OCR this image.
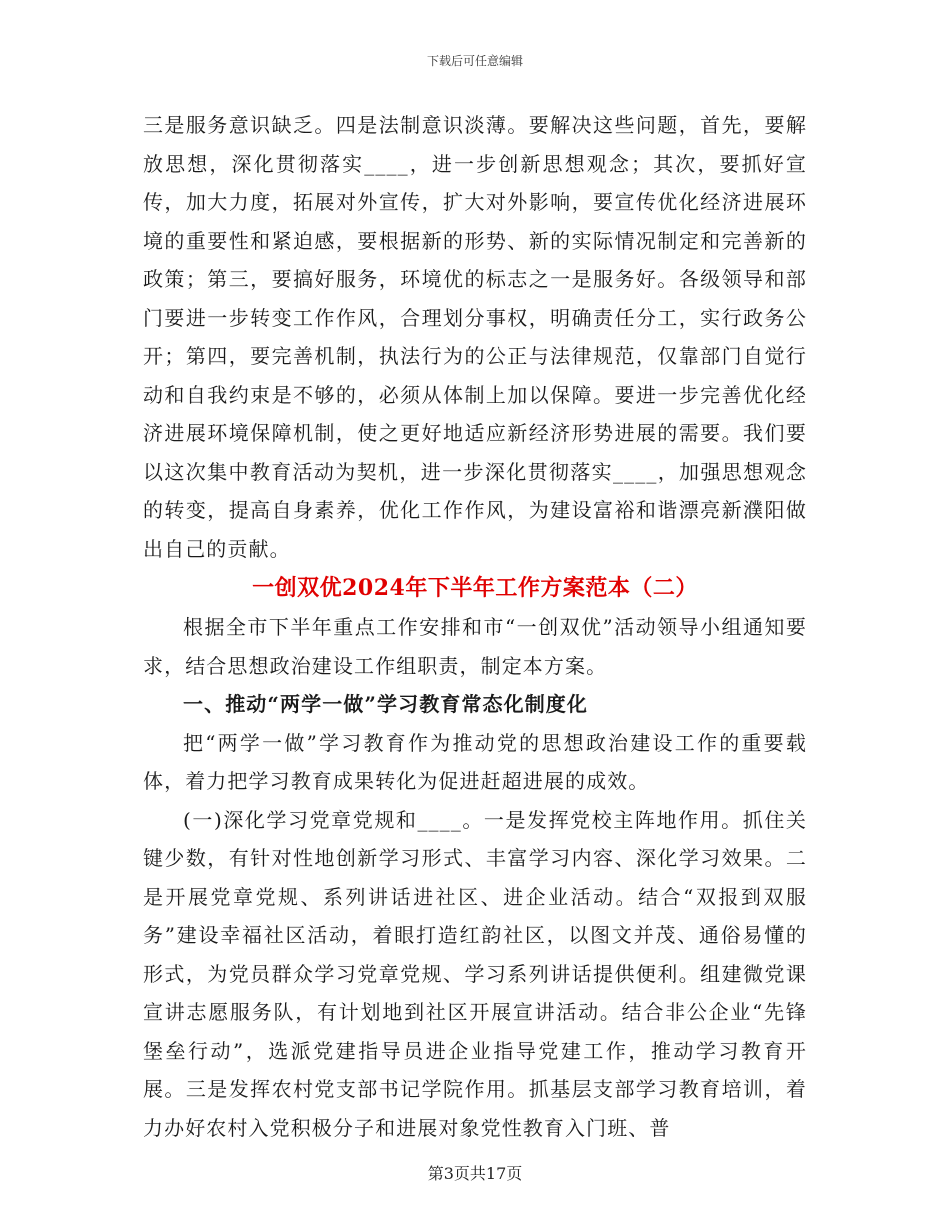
下载后可任意编辑

三是服务意识缺乏。四是法制意识淡薄。要解决这些问题，首先，要解放思想，深化贯彻落实____，进一步创新思想观念；其次，要抓好宣传，加大力度，拓展对外宣传，扩大对外影响，要宣传优化经济进展环境的重要性和紧迫感，要根据新的形势、新的实际情况制定和完善新的政策；第三，要搞好服务，环境优的标志之一是服务好。各级领导和部门要进一步转变工作作风，合理划分事权，明确责任分工，实行政务公开；第四，要完善机制，执法行为的公正与法律规范，仅靠部门自觉行动和自我约束是不够的，必须从体制上加以保障。要进一步完善优化经济进展环境保障机制，使之更好地适应新经济形势进展的需要。我们要以这次集中教育活动为契机，进一步深化贯彻落实____，加强思想观念的转变，提高自身素养，优化工作作风，为建设富裕和谐漂亮新濮阳做出自己的贡献。

一创双优2024年下半年工作方案范本（二）

根据全市下半年重点工作安排和市“一创双优”活动领导小组通知要求，结合思想政治建设工作组职责，制定本方案。

一、推动“两学一做”学习教育常态化制度化

把“两学一做”学习教育作为推动党的思想政治建设工作的重要载体，着力把学习教育成果转化为促进赶超进展的成效。

(一)深化学习党章党规和____。一是发挥党校主阵地作用。抓住关键少数，有针对性地创新学习形式、丰富学习内容、深化学习效果。二是开展党章党规、系列讲话进社区、进企业活动。结合“双报到双服务”建设幸福社区活动，着眼打造红韵社区，以图文并茂、通俗易懂的形式，为党员群众学习党章党规、学习系列讲话提供便利。组建微党课宣讲志愿服务队，有计划地到社区开展宣讲活动。结合非公企业“先锋堡垒行动”，选派党建指导员进企业指导党建工作，推动学习教育开展。三是发挥农村党支部书记学院作用。抓基层支部学习教育培训，着力办好农村入党积极分子和进展对象党性教育入门班、普

第3页共17页
